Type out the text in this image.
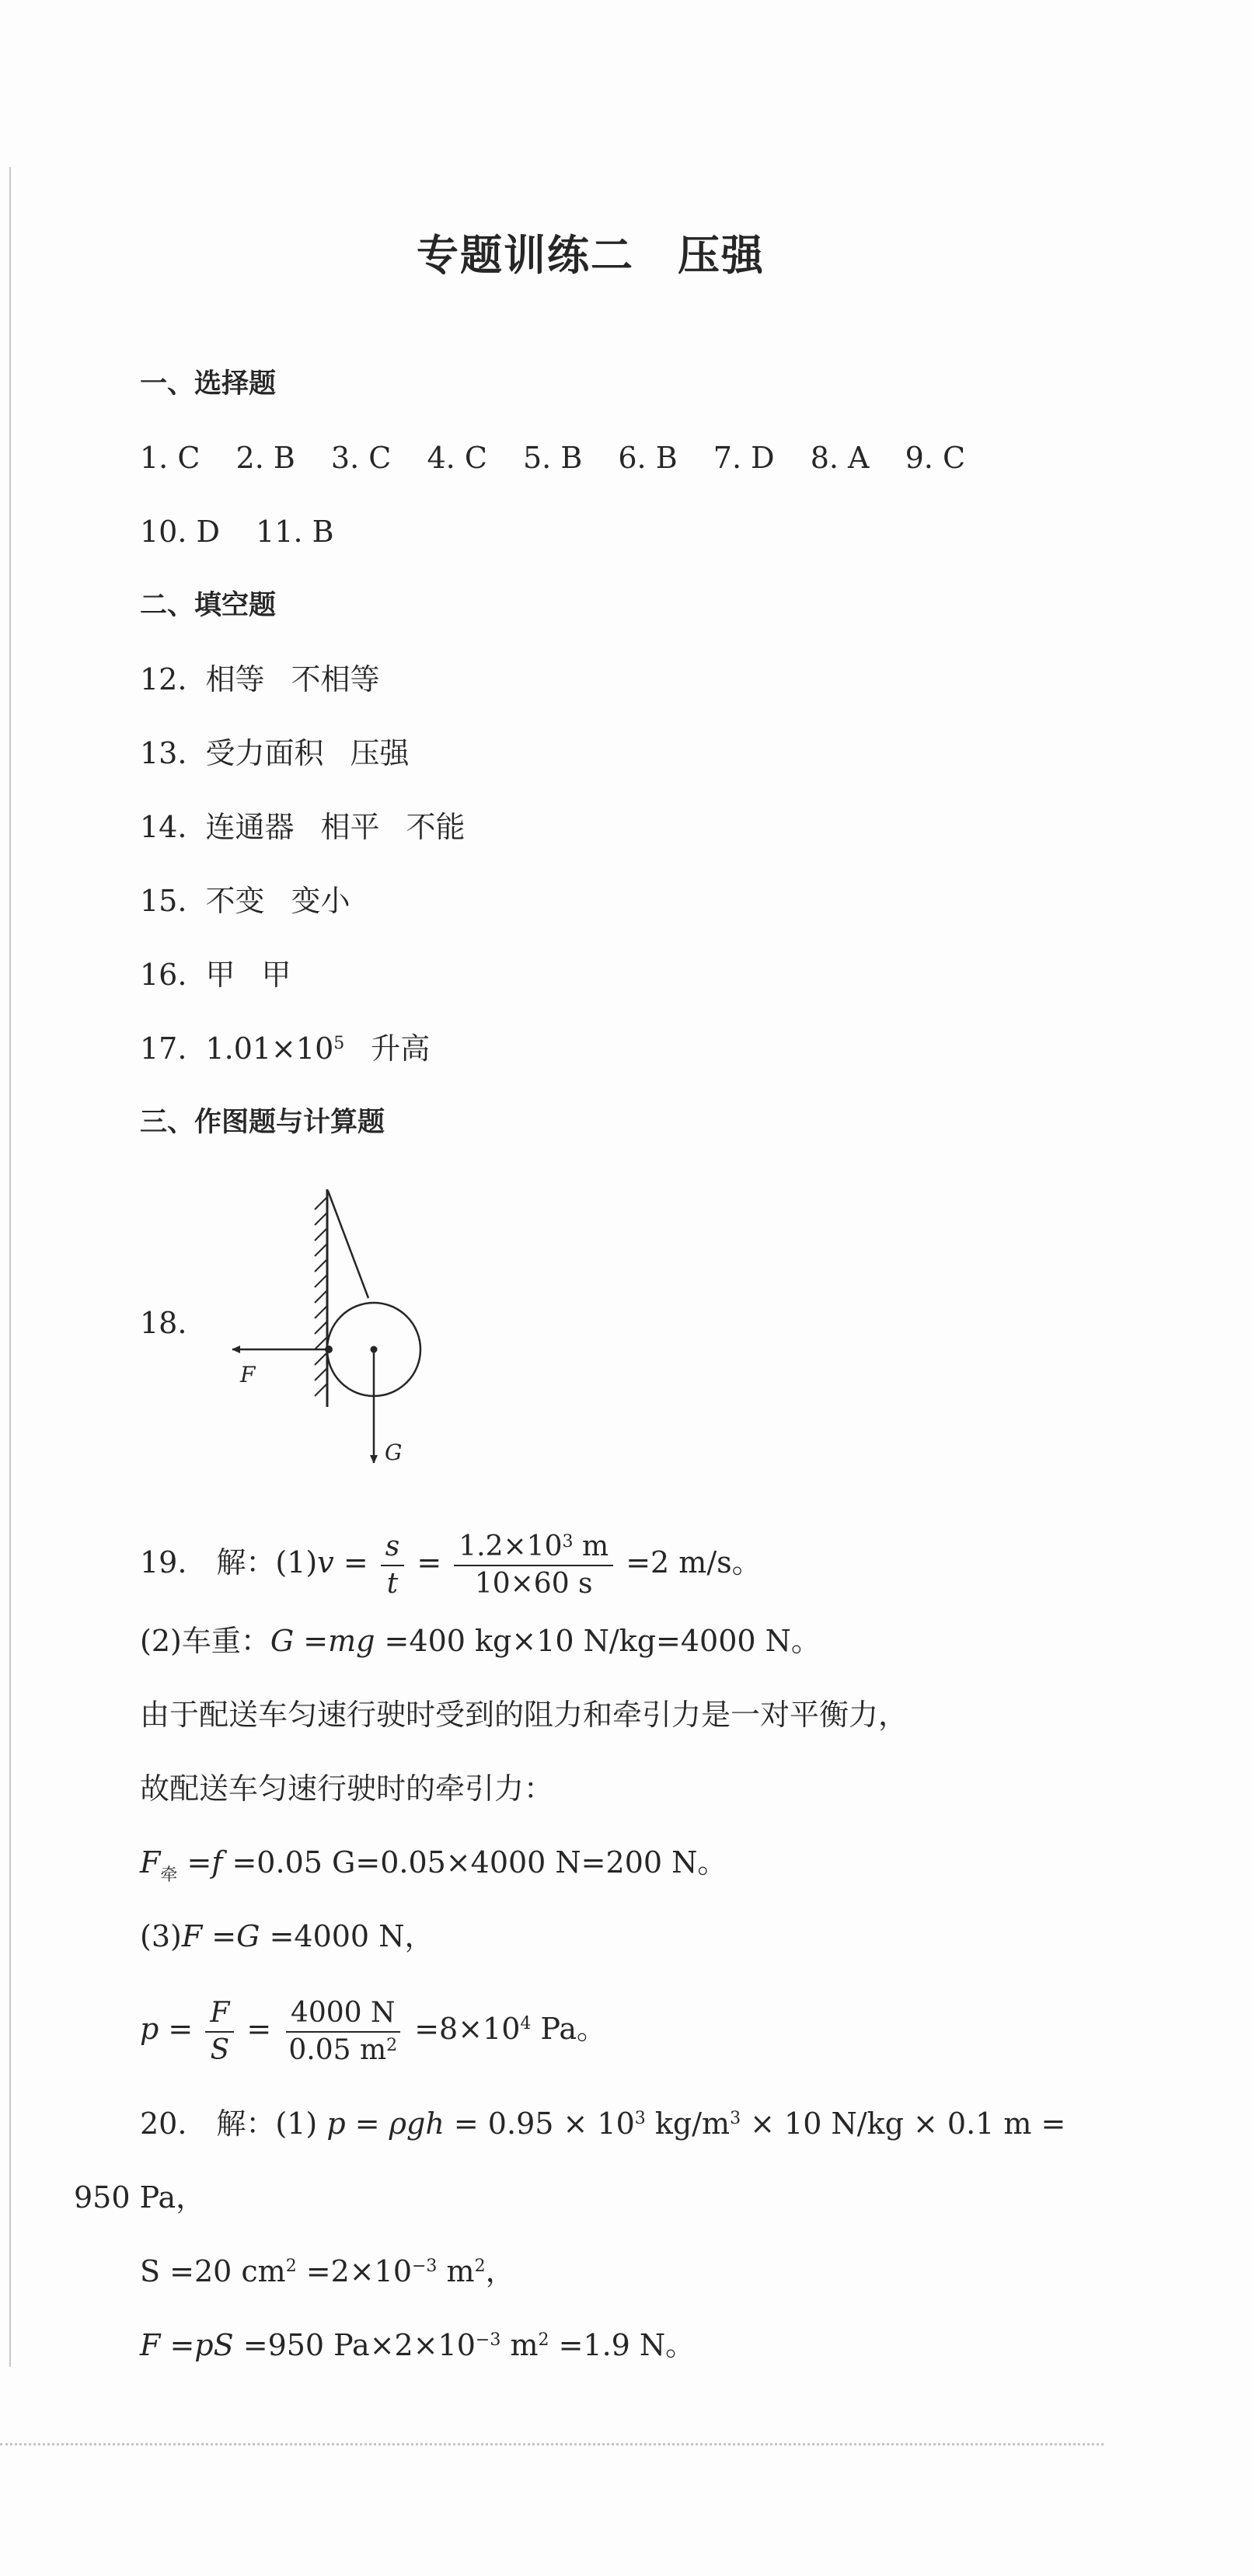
专题训练二　压强
一、选择题
1. C 2. B 3. C 4. C 5. B 6. B 7. D 8. A 9. C
10. D 11. B
二、填空题
12. 相等 不相等
13. 受力面积 压强
14. 连通器 相平 不能
15. 不变 变小
16. 甲 甲
17. $1.01\times 10^5$ 升高
三、作图题与计算题
18.
F
G
19.　解：$(1)v = \frac{s}{t} = \frac{1.2\times 10^3 m}{10\times 60 s} =2$ m/s。
(2)车重：G =mg =400 kg×10 N/kg=4000 N。
由于配送车匀速行驶时受到的阻力和牵引力是一对平衡力，
故配送车匀速行驶时的牵引力：
$F_牵 =f =0.05$ G=0.05×4000 N=200 N。
(3)F =G =4000 N，
$p = \frac{F}{S} = \frac{4000 N}{0.05 m^2} =8\times 10^4$ Pa。
20.　解：(1) $p = \rho gh = 0.95 \times 10^3$ $kg/m^3 \times 10$ N/kg × 0.1 m =
950 Pa，
S =20 $cm^2 =2\times 10^{-3}$ $m^2$，
F =pS =950 $Pa\times 2\times 10^{-3}$ $m^2 =1.9$ N。
